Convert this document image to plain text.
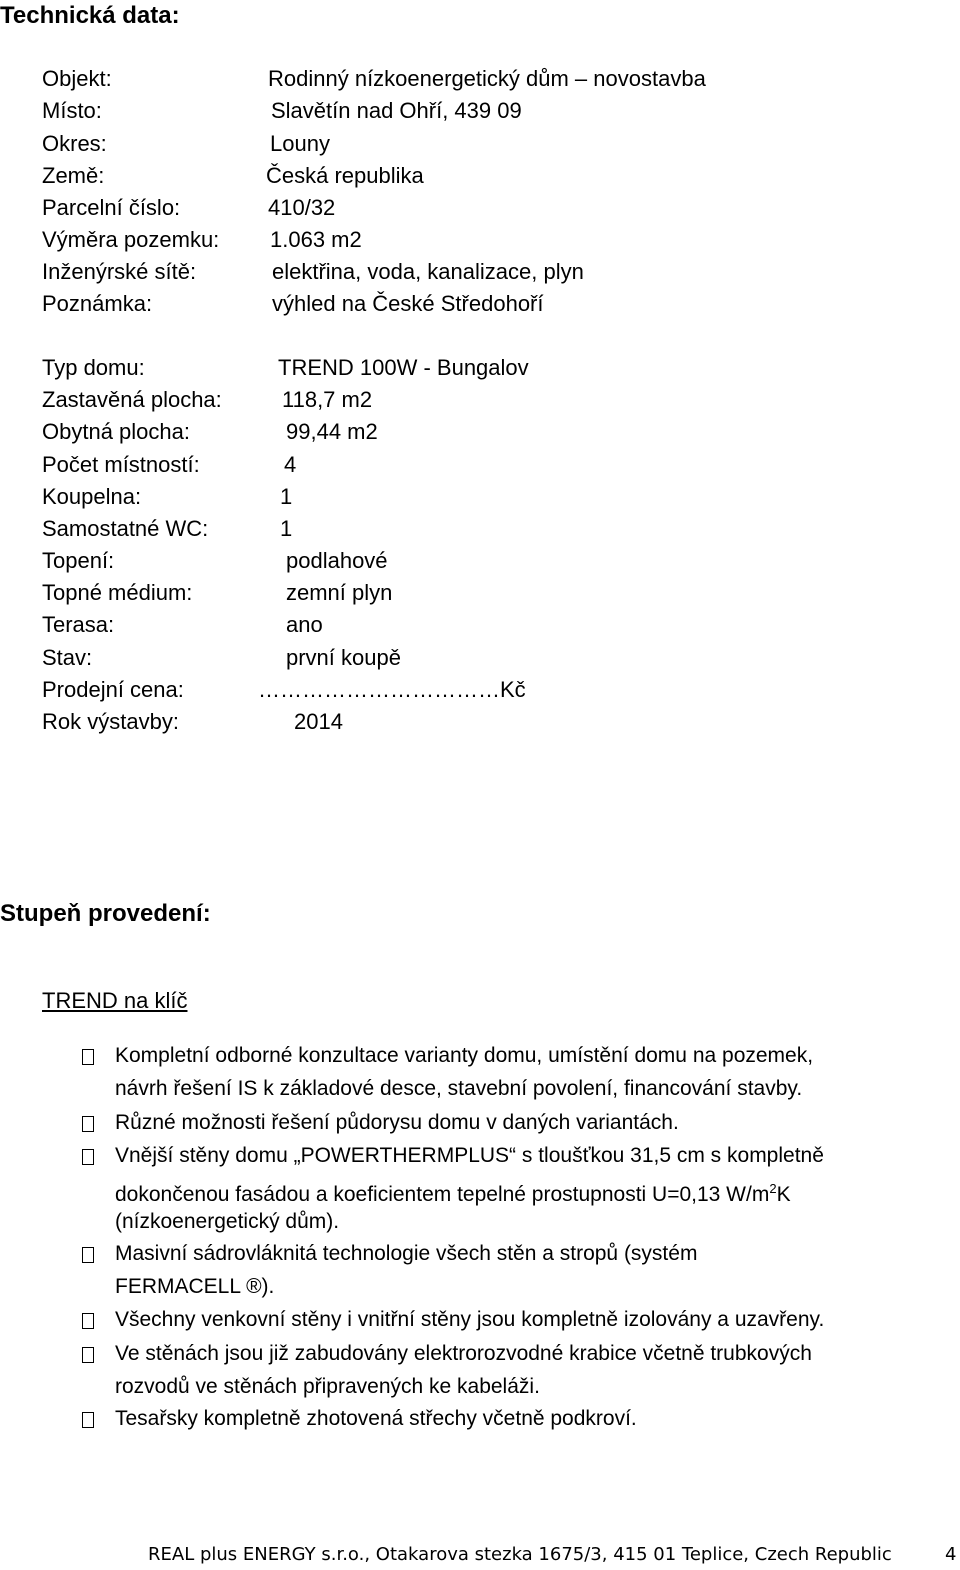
Technická data:
Objekt:	Rodinný nízkoenergetický dům – novostavba
Místo:	Slavětín nad Ohří, 439 09
Okres:	Louny
Země:	Česká republika
Parcelní číslo:	410/32
Výměra pozemku: 1.063 m2
Inženýrské sítě:	elektřina, voda, kanalizace, plyn
Poznámka:	výhled na České Středohoří
Typ domu:	TREND 100W - Bungalov
Zastavěná plocha:	118,7 m2
Obytná plocha:	99,44 m2
Počet místností:	4
Koupelna:	1
Samostatné WC:	1
Topení:	podlahové
Topné médium:	zemní plyn
Terasa:	ano
Stav:	první koupě
Prodejní cena:	……………………………Kč
Rok výstavby:	2014
Stupeň provedení:
TREND na klíč
Kompletní odborné konzultace varianty domu, umístění domu na pozemek,
návrh řešení IS k základové desce, stavební povolení, financování stavby.
Různé možnosti řešení půdorysu domu v daných variantách.
Vnější stěny domu „POWERTHERMPLUS“ s tloušťkou 31,5 cm s kompletně
dokončenou fasádou a koeficientem tepelné prostupnosti U=0,13 $W/m^2K$
(nízkoenergetický dům).
Masivní sádrovláknitá technologie všech stěn a stropů (systém
FERMACELL ®).
Všechny venkovní stěny i vnitřní stěny jsou kompletně izolovány a uzavřeny.
Ve stěnách jsou již zabudovány elektrorozvodné krabice včetně trubkových
rozvodů ve stěnách připravených ke kabeláži.
Tesařsky kompletně zhotovená střechy včetně podkroví.
REAL plus ENERGY s.r.o., Otakarova stezka 1675/3, 415 01 Teplice, Czech Republic	4
